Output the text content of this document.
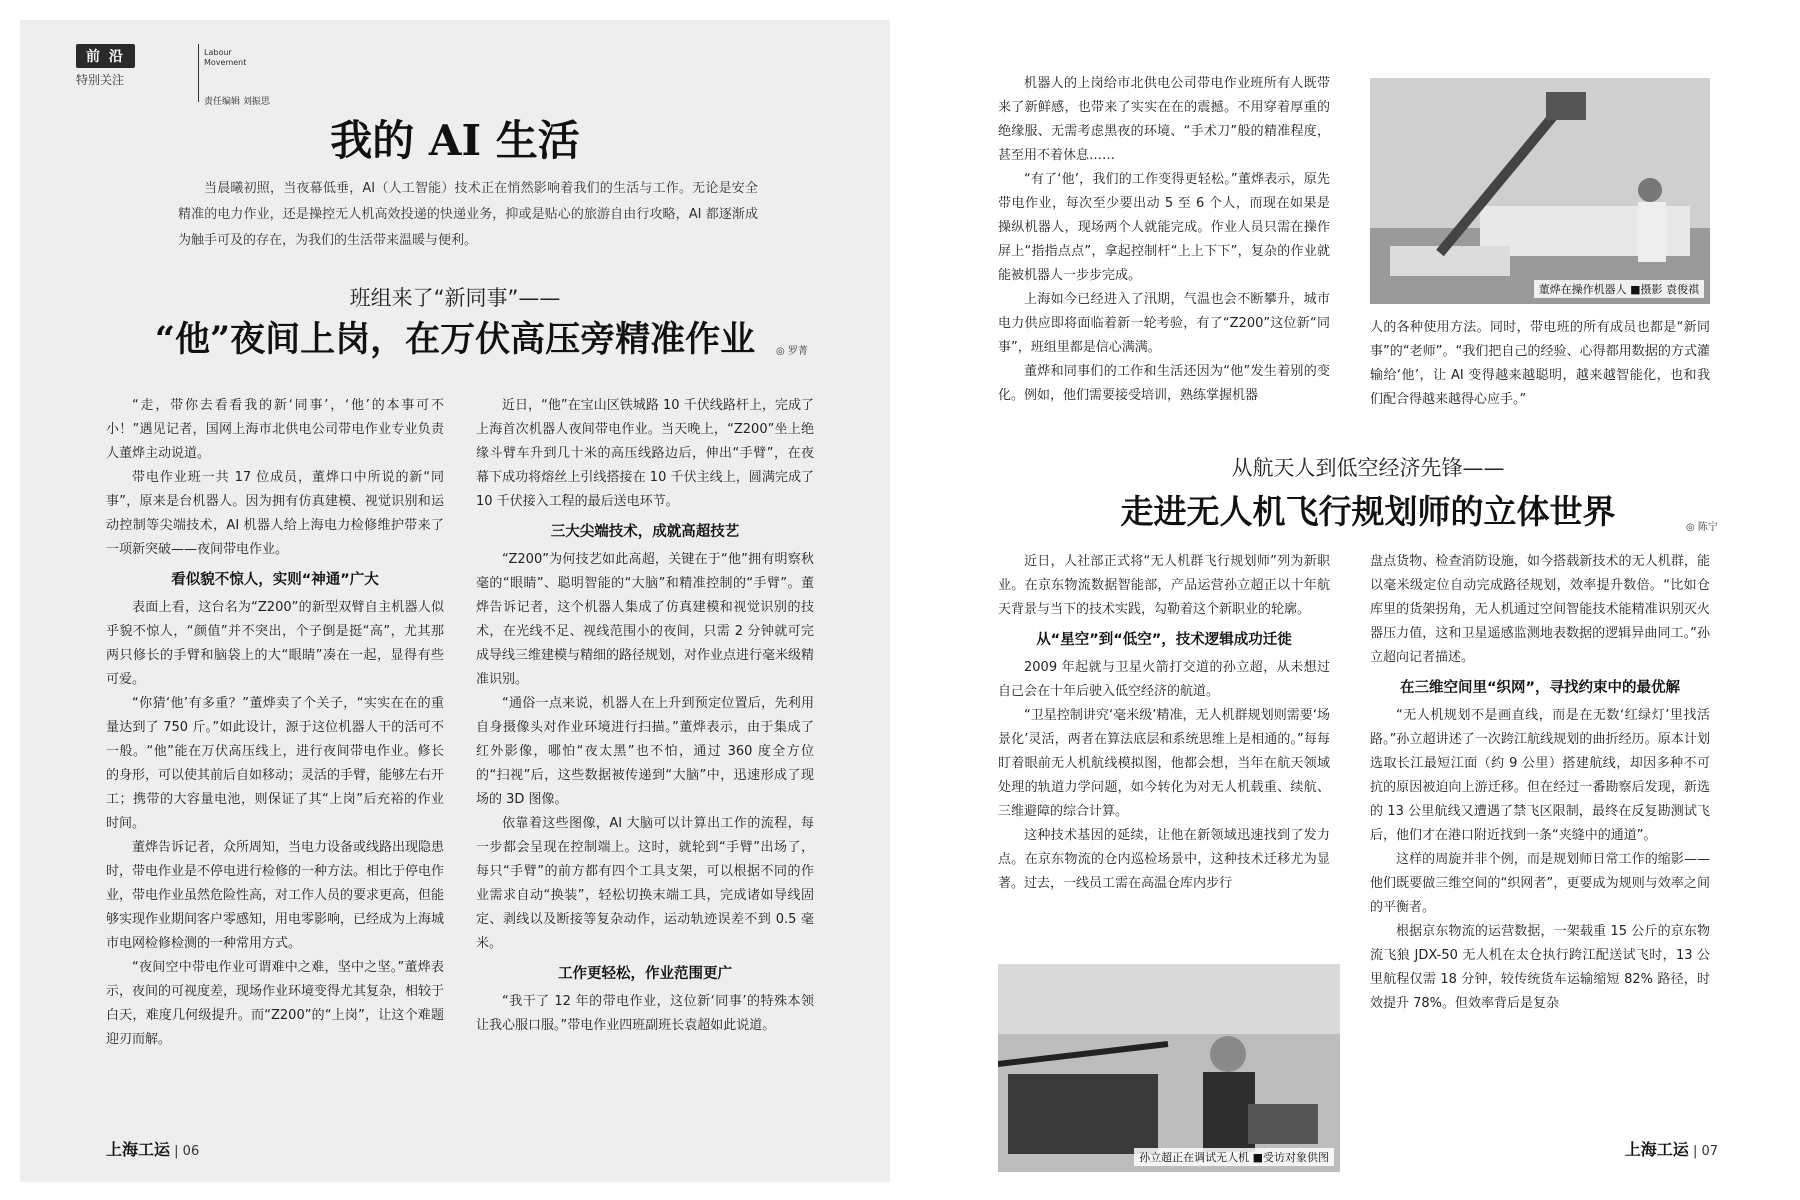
前 沿
特别关注
Labour
Movement
责任编辑 刘振思
我的 AI 生活
当晨曦初照，当夜幕低垂，AI（人工智能）技术正在悄然影响着我们的生活与工作。无论是安全精准的电力作业，还是操控无人机高效投递的快递业务，抑或是贴心的旅游自由行攻略，AI 都逐渐成为触手可及的存在，为我们的生活带来温暖与便利。
班组来了“新同事”——
“他”夜间上岗，在万伏高压旁精准作业	◎ 罗菁

“走，带你去看看我的新‘同事’，‘他’的本事可不小！”遇见记者，国网上海市北供电公司带电作业专业负责人董烨主动说道。

带电作业班一共 17 位成员，董烨口中所说的新“同事”，原来是台机器人。因为拥有仿真建模、视觉识别和运动控制等尖端技术，AI 机器人给上海电力检修维护带来了一项新突破——夜间带电作业。

看似貌不惊人，实则“神通”广大

表面上看，这台名为“Z200”的新型双臂自主机器人似乎貌不惊人，“颜值”并不突出，个子倒是挺“高”，尤其那两只修长的手臂和脑袋上的大“眼睛”凑在一起，显得有些可爱。

“你猜‘他’有多重？”董烨卖了个关子，“实实在在的重量达到了 750 斤。”如此设计，源于这位机器人干的活可不一般。“他”能在万伏高压线上，进行夜间带电作业。修长的身形，可以使其前后自如移动；灵活的手臂，能够左右开工；携带的大容量电池，则保证了其“上岗”后充裕的作业时间。

董烨告诉记者，众所周知，当电力设备或线路出现隐患时，带电作业是不停电进行检修的一种方法。相比于停电作业，带电作业虽然危险性高，对工作人员的要求更高，但能够实现作业期间客户零感知，用电零影响，已经成为上海城市电网检修检测的一种常用方式。

“夜间空中带电作业可谓难中之难，坚中之坚。”董烨表示，夜间的可视度差，现场作业环境变得尤其复杂，相较于白天，难度几何级提升。而“Z200”的“上岗”，让这个难题迎刃而解。

近日，“他”在宝山区铁城路 10 千伏线路杆上，完成了上海首次机器人夜间带电作业。当天晚上，“Z200”坐上绝缘斗臂车升到几十米的高压线路边后，伸出“手臂”，在夜幕下成功将熔丝上引线搭接在 10 千伏主线上，圆满完成了 10 千伏接入工程的最后送电环节。

三大尖端技术，成就高超技艺

“Z200”为何技艺如此高超，关键在于“他”拥有明察秋毫的“眼睛”、聪明智能的“大脑”和精准控制的“手臂”。董烨告诉记者，这个机器人集成了仿真建模和视觉识别的技术，在光线不足、视线范围小的夜间，只需 2 分钟就可完成导线三维建模与精细的路径规划，对作业点进行毫米级精准识别。

“通俗一点来说，机器人在上升到预定位置后，先利用自身摄像头对作业环境进行扫描。”董烨表示，由于集成了红外影像，哪怕“夜太黑”也不怕，通过 360 度全方位的“扫视”后，这些数据被传递到“大脑”中，迅速形成了现场的 3D 图像。

依靠着这些图像，AI 大脑可以计算出工作的流程，每一步都会呈现在控制端上。这时，就轮到“手臂”出场了，每只“手臂”的前方都有四个工具支架，可以根据不同的作业需求自动“换装”，轻松切换末端工具，完成诸如导线固定、剥线以及断接等复杂动作，运动轨迹误差不到 0.5 毫米。

工作更轻松，作业范围更广

“我干了 12 年的带电作业，这位新‘同事’的特殊本领让我心服口服。”带电作业四班副班长袁超如此说道。

上海工运 | 06

机器人的上岗给市北供电公司带电作业班所有人既带来了新鲜感，也带来了实实在在的震撼。不用穿着厚重的绝缘服、无需考虑黑夜的环境、“手术刀”般的精准程度，甚至用不着休息……

“有了‘他’，我们的工作变得更轻松。”董烨表示，原先带电作业，每次至少要出动 5 至 6 个人，而现在如果是操纵机器人，现场两个人就能完成。作业人员只需在操作屏上“指指点点”，拿起控制杆“上上下下”，复杂的作业就能被机器人一步步完成。

上海如今已经进入了汛期，气温也会不断攀升，城市电力供应即将面临着新一轮考验，有了“Z200”这位新“同事”，班组里都是信心满满。

董烨和同事们的工作和生活还因为“他”发生着别的变化。例如，他们需要接受培训，熟练掌握机器

董烨在操作机器人 ■摄影 袁俊祺

人的各种使用方法。同时，带电班的所有成员也都是“新同事”的“老师”。“我们把自己的经验、心得都用数据的方式灌输给‘他’，让 AI 变得越来越聪明，越来越智能化，也和我们配合得越来越得心应手。”

从航天人到低空经济先锋——
走进无人机飞行规划师的立体世界	◎ 陈宁

近日，人社部正式将“无人机群飞行规划师”列为新职业。在京东物流数据智能部，产品运营孙立超正以十年航天背景与当下的技术实践，勾勒着这个新职业的轮廓。

从“星空”到“低空”，技术逻辑成功迁徙

2009 年起就与卫星火箭打交道的孙立超，从未想过自己会在十年后驶入低空经济的航道。

“卫星控制讲究‘毫米级’精准，无人机群规划则需要‘场景化’灵活，两者在算法底层和系统思维上是相通的。”每每盯着眼前无人机航线模拟图，他都会想，当年在航天领域处理的轨道力学问题，如今转化为对无人机载重、续航、三维避障的综合计算。

这种技术基因的延续，让他在新领域迅速找到了发力点。在京东物流的仓内巡检场景中，这种技术迁移尤为显著。过去，一线员工需在高温仓库内步行

孙立超正在调试无人机 ■受访对象供图

盘点货物、检查消防设施，如今搭载新技术的无人机群，能以毫米级定位自动完成路径规划，效率提升数倍。“比如仓库里的货架拐角，无人机通过空间智能技术能精准识别灭火器压力值，这和卫星遥感监测地表数据的逻辑异曲同工。”孙立超向记者描述。

在三维空间里“织网”，寻找约束中的最优解

“无人机规划不是画直线，而是在无数‘红绿灯’里找活路。”孙立超讲述了一次跨江航线规划的曲折经历。原本计划选取长江最短江面（约 9 公里）搭建航线，却因多种不可抗的原因被迫向上游迁移。但在经过一番勘察后发现，新选的 13 公里航线又遭遇了禁飞区限制，最终在反复勘测试飞后，他们才在港口附近找到一条“夹缝中的通道”。

这样的周旋并非个例，而是规划师日常工作的缩影——他们既要做三维空间的“织网者”，更要成为规则与效率之间的平衡者。

根据京东物流的运营数据，一架载重 15 公斤的京东物流飞狼 JDX-50 无人机在太仓执行跨江配送试飞时，13 公里航程仅需 18 分钟，较传统货车运输缩短 82% 路径，时效提升 78%。但效率背后是复杂

上海工运 | 07
